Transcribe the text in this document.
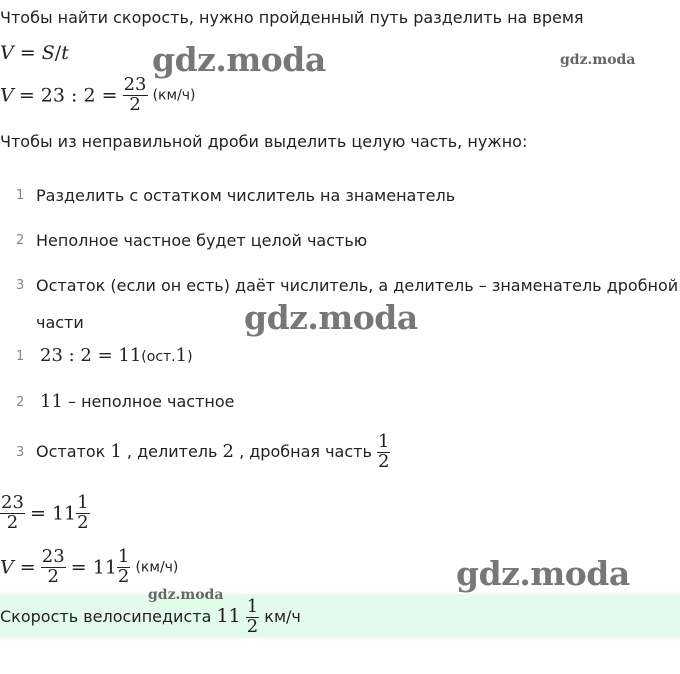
Чтобы найти скорость, нужно пройденный путь разделить на время
V = S/t
V = 23 : $2 = \frac{23}{2} (км/ч)$
Чтобы из неправильной дроби выделить целую часть, нужно:
1 Разделить с остатком числитель на знаменатель
2 Неполное частное будет целой частью
3 Остаток (если он есть) даёт числитель, а делитель – знаменатель дробной
части
1 23 : 2 = 11(ост.1)
2 11 – неполное частное
3 Остаток 1 , делитель 2 , дробная часть $\frac{1}{2}$
$\frac{23}{2} = 11 \frac{1}{2}$
$V = \frac{23}{2} = 11 \frac{1}{2} (км/ч)$
Скорость велосипедиста $11 \frac{1}{2} км/ч$
gdz.moda	gdz.moda
gdz.moda
gdz.moda
gdz.moda
